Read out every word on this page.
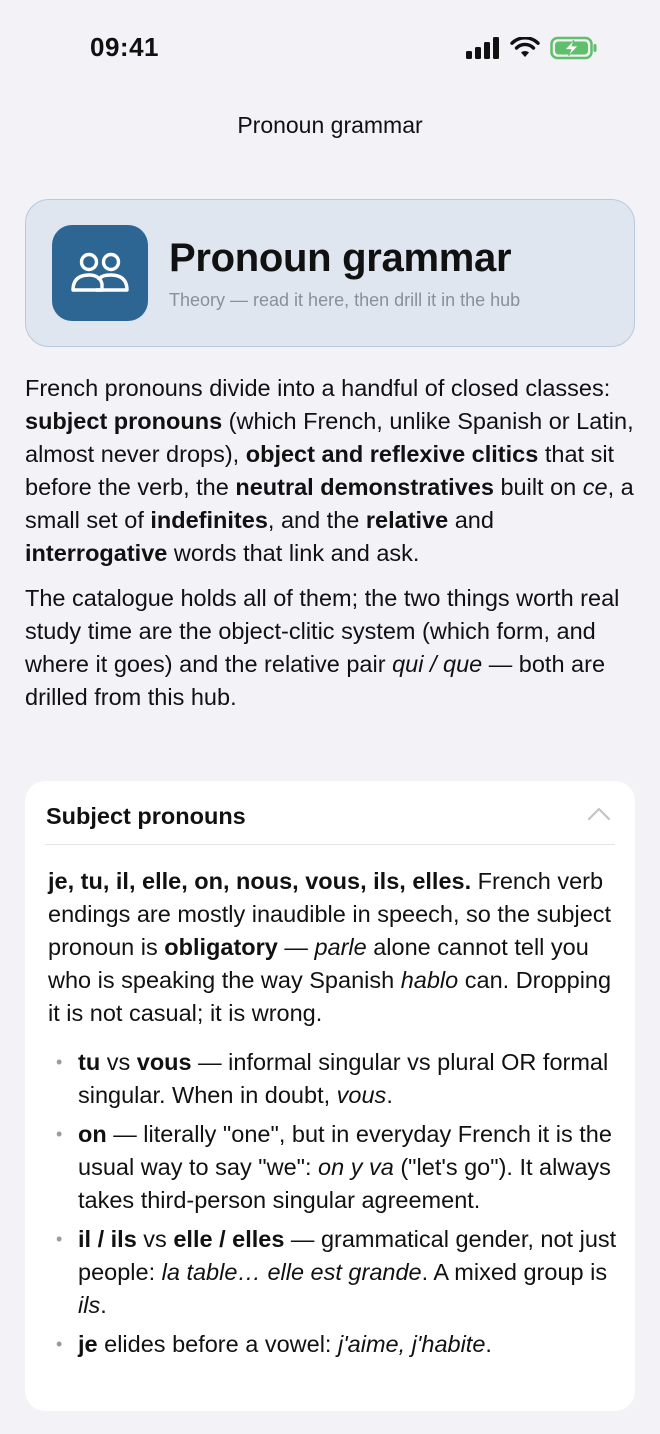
09:41
Pronoun grammar
Pronoun grammar
Theory — read it here, then drill it in the hub

French pronouns divide into a handful of closed classes: subject pronouns (which French, unlike Spanish or Latin, almost never drops), object and reflexive clitics that sit before the verb, the neutral demonstratives built on ce, a small set of indefinites, and the relative and interrogative words that link and ask.

The catalogue holds all of them; the two things worth real study time are the object-clitic system (which form, and where it goes) and the relative pair qui / que — both are drilled from this hub.

Subject pronouns
je, tu, il, elle, on, nous, vous, ils, elles. French verb endings are mostly inaudible in speech, so the subject pronoun is obligatory — parle alone cannot tell you who is speaking the way Spanish hablo can. Dropping it is not casual; it is wrong.
• tu vs vous — informal singular vs plural OR formal singular. When in doubt, vous.
• on — literally "one", but in everyday French it is the usual way to say "we": on y va ("let's go"). It always takes third-person singular agreement.
• il / ils vs elle / elles — grammatical gender, not just people: la table… elle est grande. A mixed group is ils.
• je elides before a vowel: j'aime, j'habite.
